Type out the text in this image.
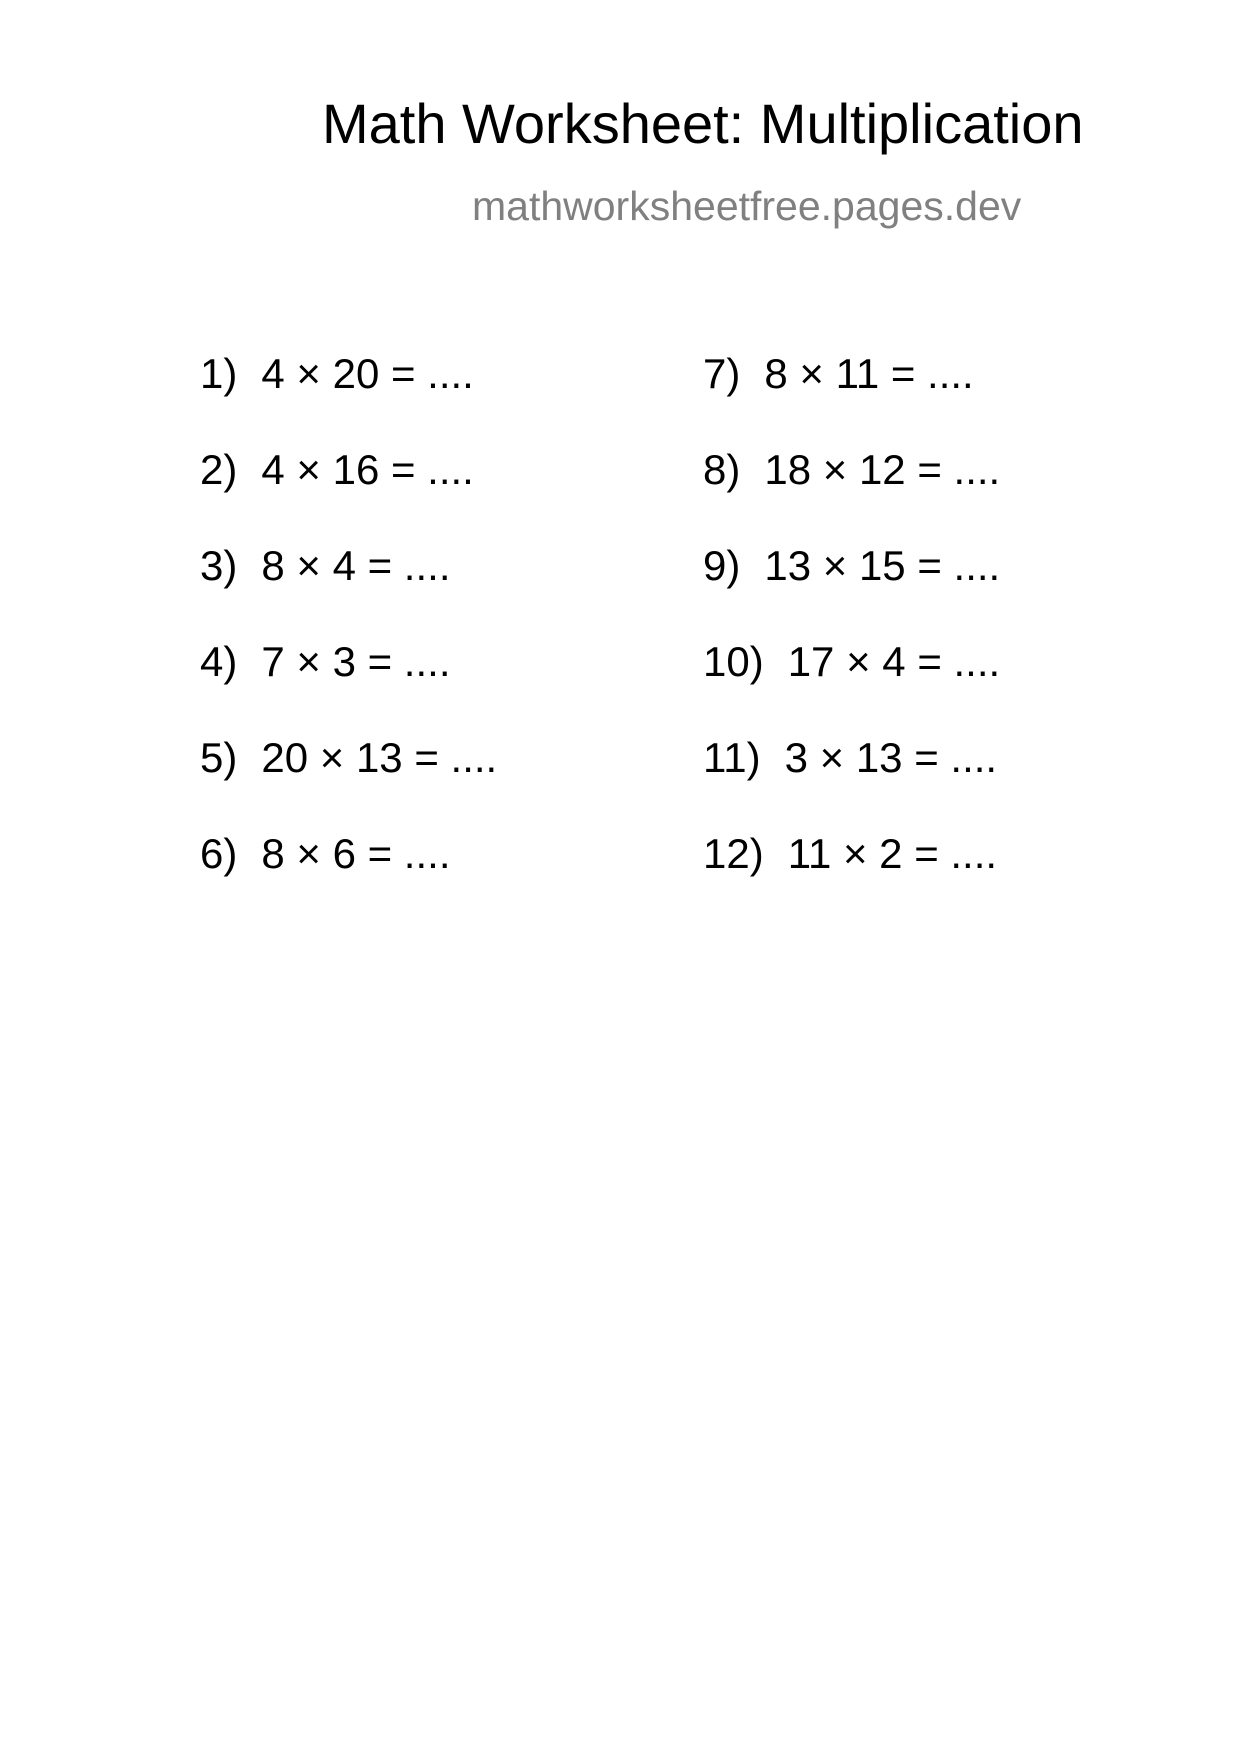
Math Worksheet: Multiplication
mathworksheetfree.pages.dev
1) 4 × 20 = ....
2) 4 × 16 = ....
3) 8 × 4 = ....
4) 7 × 3 = ....
5) 20 × 13 = ....
6) 8 × 6 = ....
7) 8 × 11 = ....
8) 18 × 12 = ....
9) 13 × 15 = ....
10) 17 × 4 = ....
11) 3 × 13 = ....
12) 11 × 2 = ....
